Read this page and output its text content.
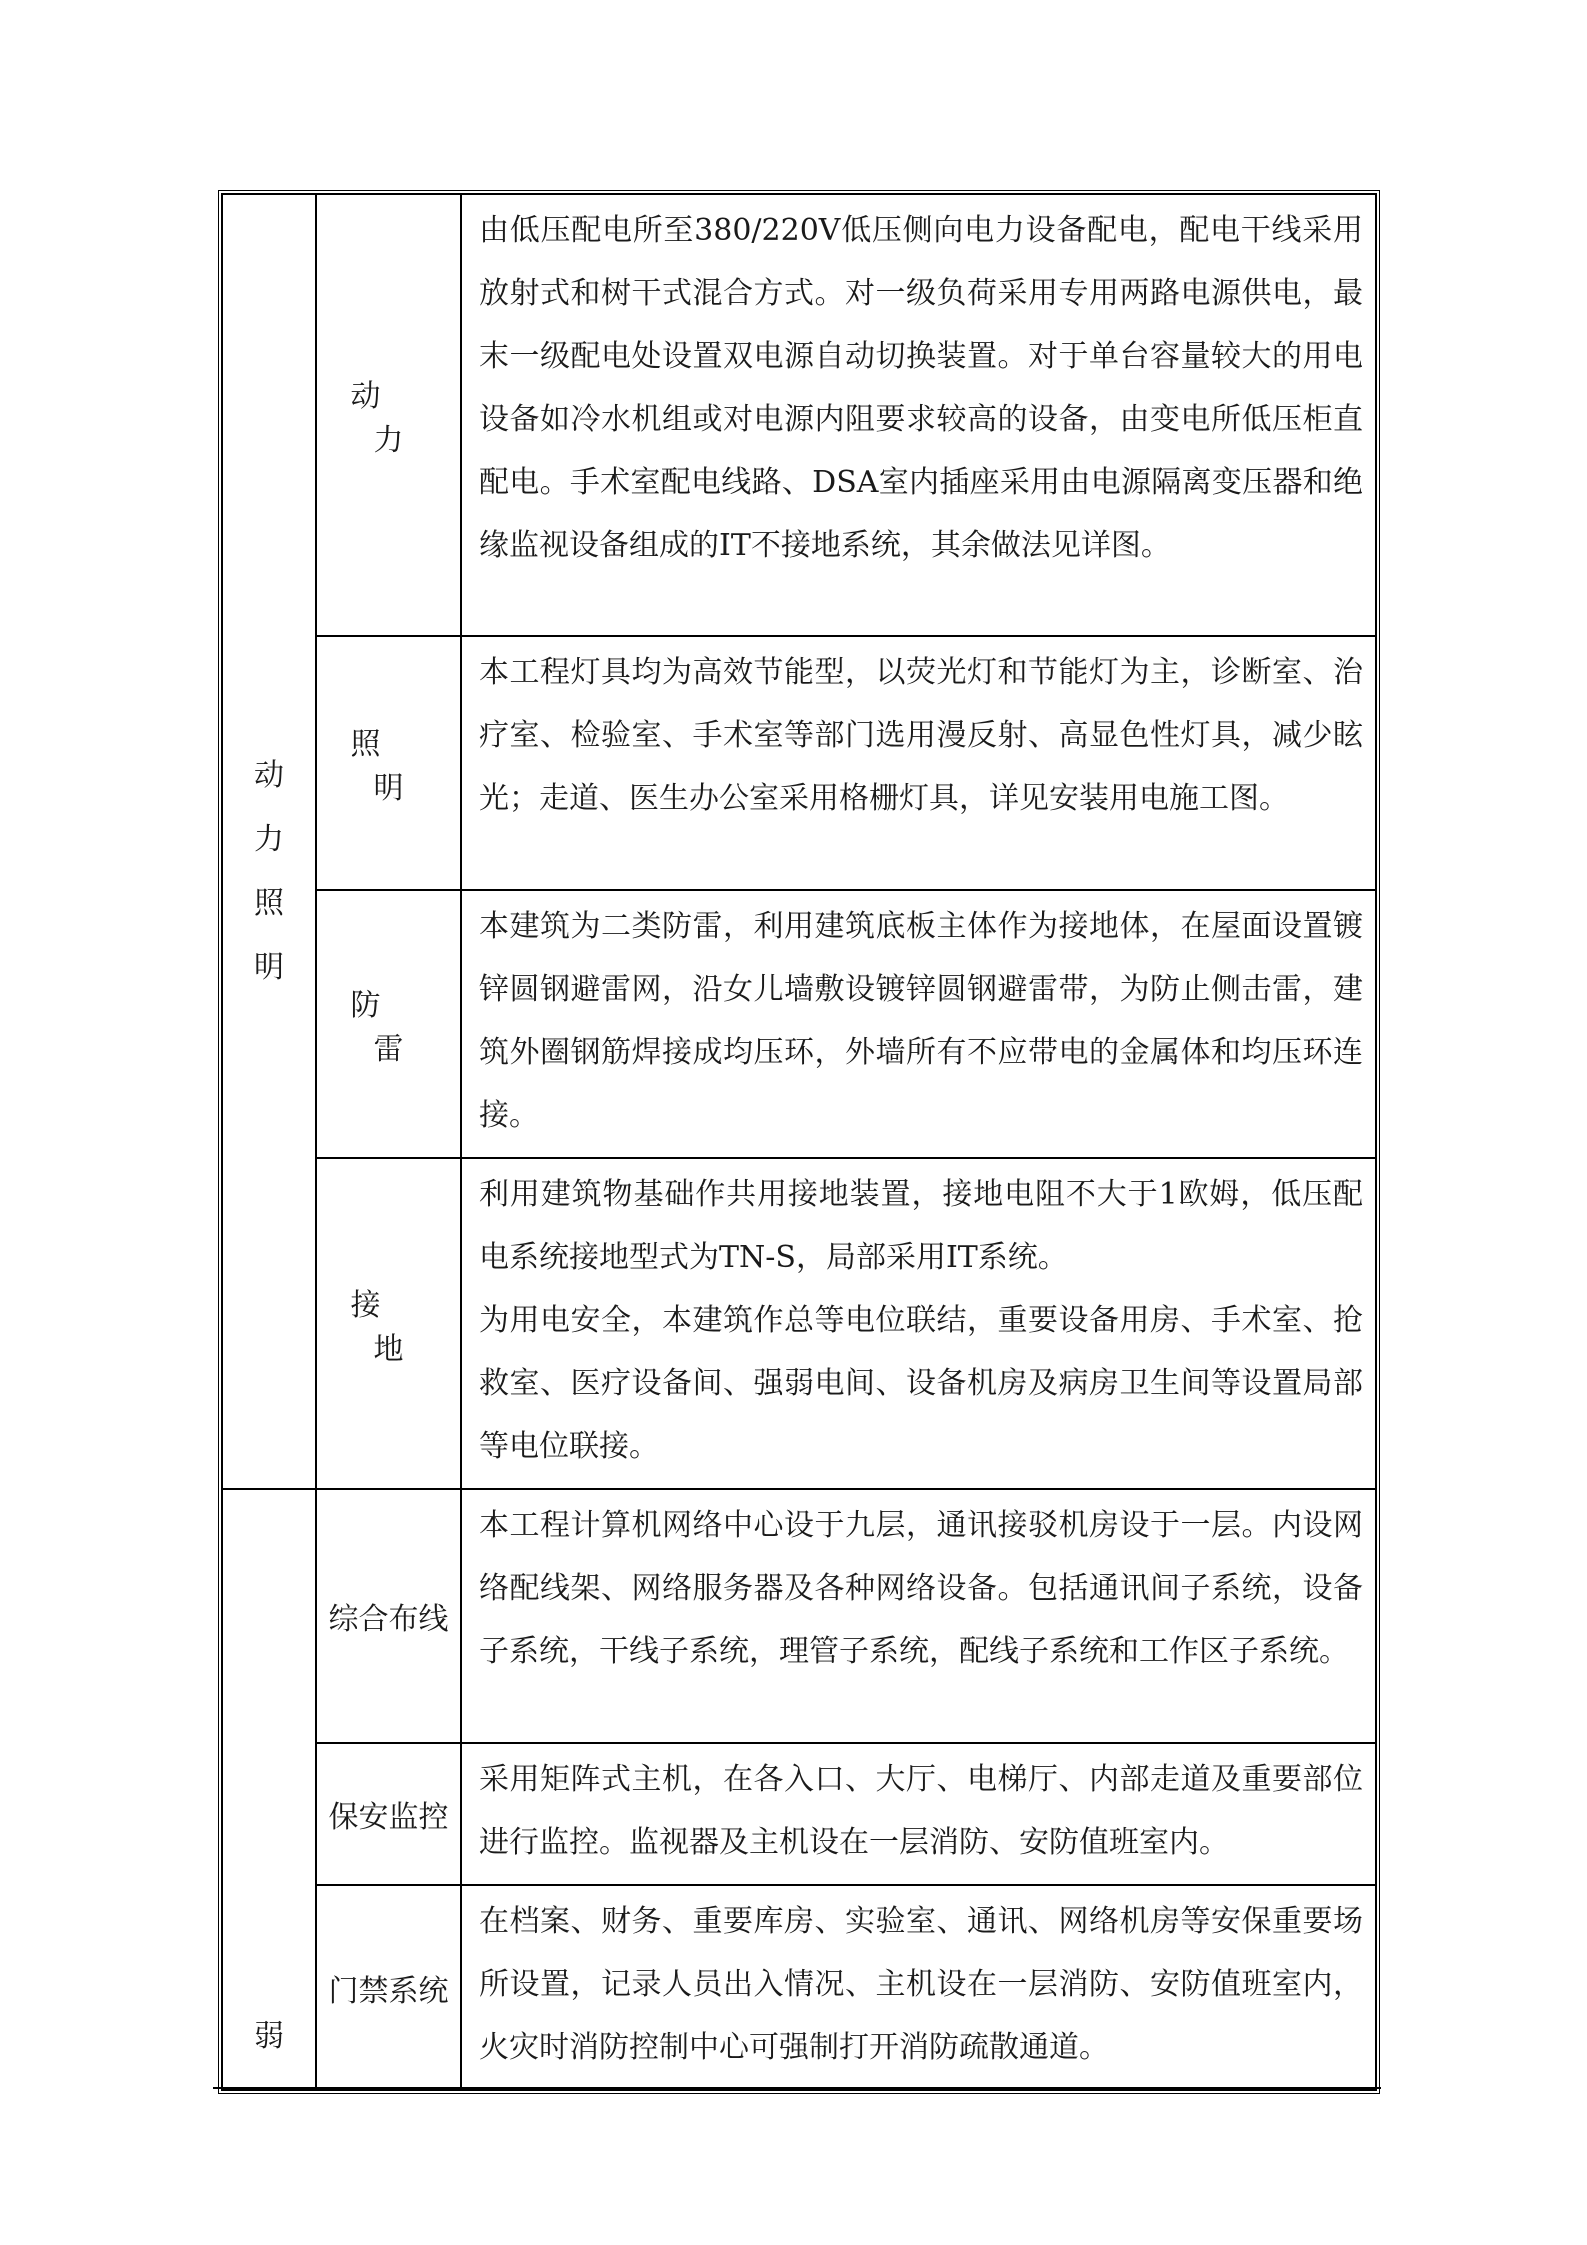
动
力
照
明	动力	由低压配电所至380/220V低压侧向电力设备配电，配电干线采用放射式和树干式混合方式。对一级负荷采用专用两路电源供电，最末一级配电处设置双电源自动切换装置。对于单台容量较大的用电设备如冷水机组或对电源内阻要求较高的设备，由变电所低压柜直配电。手术室配电线路、DSA室内插座采用由电源隔离变压器和绝缘监视设备组成的IT不接地系统，其余做法见详图。

	照明	本工程灯具均为高效节能型，以荧光灯和节能灯为主，诊断室、治疗室、检验室、手术室等部门选用漫反射、高显色性灯具，减少眩光；走道、医生办公室采用格栅灯具，详见安装用电施工图。

	防雷	本建筑为二类防雷，利用建筑底板主体作为接地体，在屋面设置镀锌圆钢避雷网，沿女儿墙敷设镀锌圆钢避雷带，为防止侧击雷，建筑外圈钢筋焊接成均压环，外墙所有不应带电的金属体和均压环连接。

	接地	利用建筑物基础作共用接地装置，接地电阻不大于1欧姆，低压配电系统接地型式为TN-S，局部采用IT系统。

为用电安全，本建筑作总等电位联结，重要设备用房、手术室、抢救室、医疗设备间、强弱电间、设备机房及病房卫生间等设置局部等电位联接。

弱	综合布线	本工程计算机网络中心设于九层，通讯接驳机房设于一层。内设网络配线架、网络服务器及各种网络设备。包括通讯间子系统，设备子系统，干线子系统，理管子系统，配线子系统和工作区子系统。

	保安监控	采用矩阵式主机，在各入口、大厅、电梯厅、内部走道及重要部位进行监控。监视器及主机设在一层消防、安防值班室内。

	门禁系统	在档案、财务、重要库房、实验室、通讯、网络机房等安保重要场所设置，记录人员出入情况、主机设在一层消防、安防值班室内，火灾时消防控制中心可强制打开消防疏散通道。
